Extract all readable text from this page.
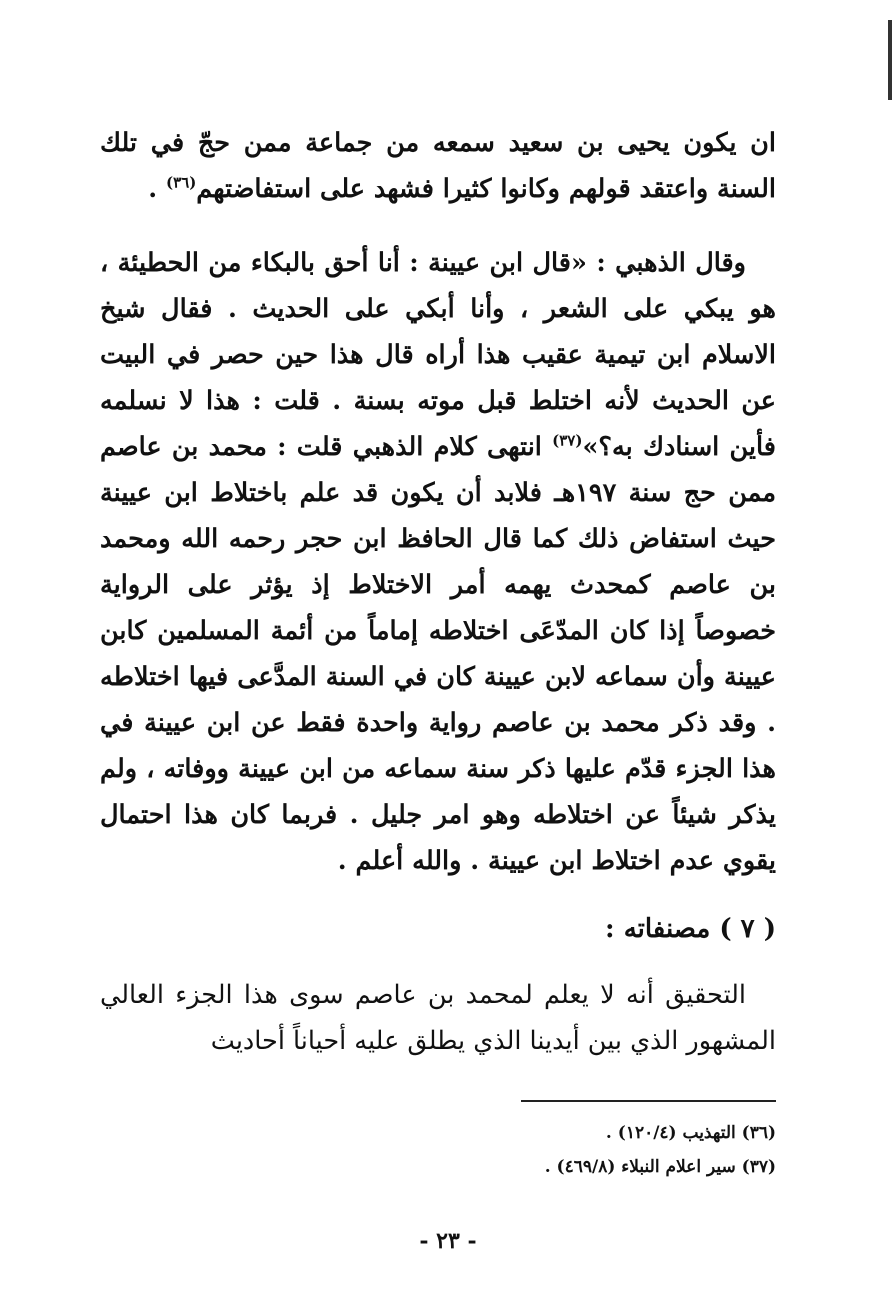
ان يكون يحيى بن سعيد سمعه من جماعة ممن حجّ في تلك السنة واعتقد قولهم وكانوا كثيرا فشهد على استفاضتهم$^{(٣٦)}$ .

وقال الذهبي : «قال ابن عيينة : أنا أحق بالبكاء من الحطيئة ، هو يبكي على الشعر ، وأنا أبكي على الحديث . فقال شيخ الاسلام ابن تيمية عقيب هذا أراه قال هذا حين حصر في البيت عن الحديث لأنه اختلط قبل موته بسنة . قلت : هذا لا نسلمه فأين اسنادك به؟»$^{(٣٧)}$ انتهى كلام الذهبي قلت : محمد بن عاصم ممن حج سنة ١٩٧هـ فلابد أن يكون قد علم باختلاط ابن عيينة حيث استفاض ذلك كما قال الحافظ ابن حجر رحمه الله ومحمد بن عاصم كمحدث يهمه أمر الاختلاط إذ يؤثر على الرواية خصوصاً إذا كان المدّعَى اختلاطه إماماً من أئمة المسلمين كابن عيينة وأن سماعه لابن عيينة كان في السنة المدَّعى فيها اختلاطه . وقد ذكر محمد بن عاصم رواية واحدة فقط عن ابن عيينة في هذا الجزء قدّم عليها ذكر سنة سماعه من ابن عيينة ووفاته ، ولم يذكر شيئاً عن اختلاطه وهو امر جليل . فربما كان هذا احتمال يقوي عدم اختلاط ابن عيينة . والله أعلم .

( ٧ ) مصنفاته :

التحقيق أنه لا يعلم لمحمد بن عاصم سوى هذا الجزء العالي المشهور الذي بين أيدينا الذي يطلق عليه أحياناً أحاديث

(٣٦) التهذيب (١٢٠/٤) .

(٣٧) سير اعلام النبلاء (٤٦٩/٨) .

- ٢٣ -
